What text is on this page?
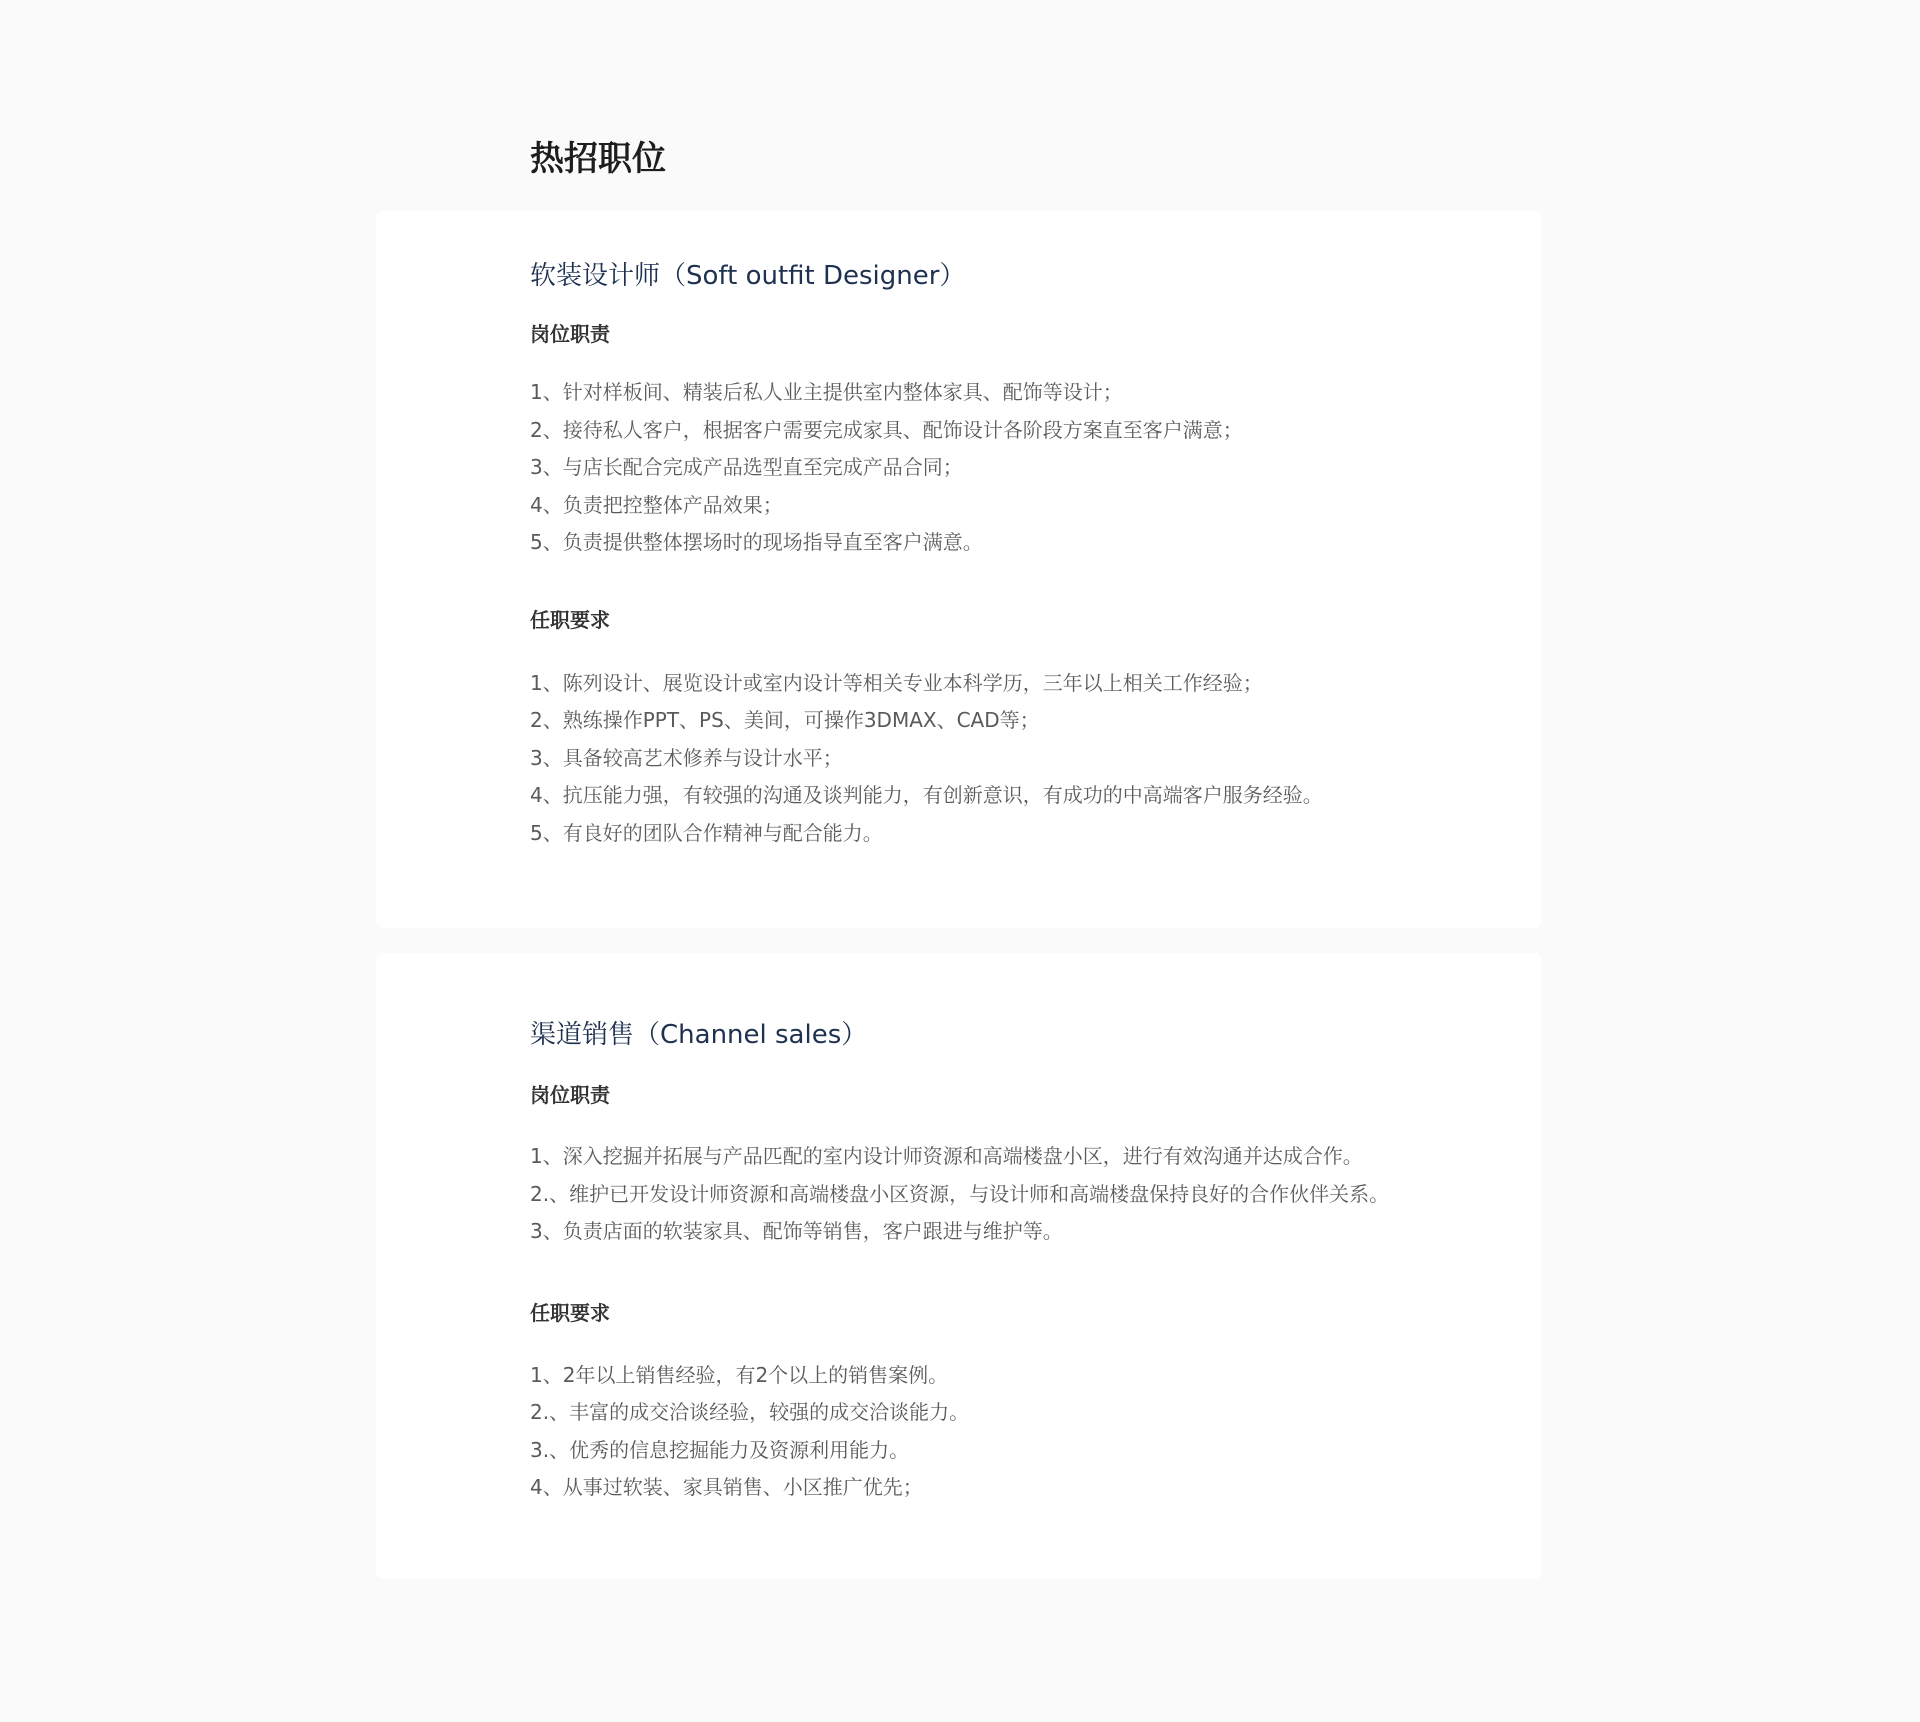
热招职位
软装设计师（Soft outfit Designer）
岗位职责
1、针对样板间、精装后私人业主提供室内整体家具、配饰等设计；
2、接待私人客户，根据客户需要完成家具、配饰设计各阶段方案直至客户满意；
3、与店长配合完成产品选型直至完成产品合同；
4、负责把控整体产品效果；
5、负责提供整体摆场时的现场指导直至客户满意。
任职要求
1、陈列设计、展览设计或室内设计等相关专业本科学历，三年以上相关工作经验；
2、熟练操作PPT、PS、美间，可操作3DMAX、CAD等；
3、具备较高艺术修养与设计水平；
4、抗压能力强，有较强的沟通及谈判能力，有创新意识，有成功的中高端客户服务经验。
5、有良好的团队合作精神与配合能力。
渠道销售（Channel sales）
岗位职责
1、深入挖掘并拓展与产品匹配的室内设计师资源和高端楼盘小区，进行有效沟通并达成合作。
2.、维护已开发设计师资源和高端楼盘小区资源，与设计师和高端楼盘保持良好的合作伙伴关系。
3、负责店面的软装家具、配饰等销售，客户跟进与维护等。
任职要求
1、2年以上销售经验，有2个以上的销售案例。
2.、丰富的成交洽谈经验，较强的成交洽谈能力。
3.、优秀的信息挖掘能力及资源利用能力。
4、从事过软装、家具销售、小区推广优先；
